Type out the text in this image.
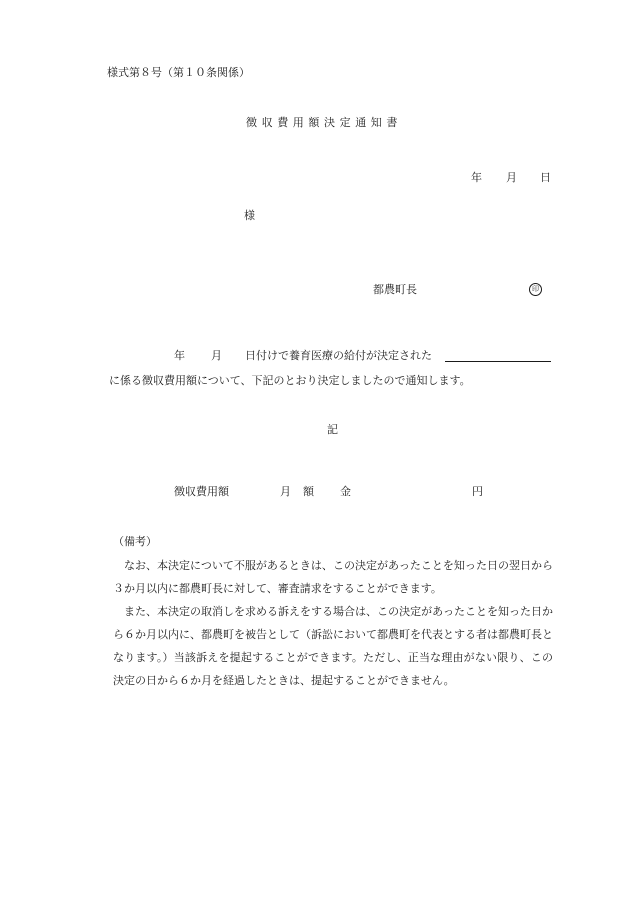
様式第８号（第１０条関係）
徴収費用額決定通知書
年 月 日
様
都農町長	印
年 月 日付けで養育医療の給付が決定された
に係る徴収費用額について、下記のとおり決定しましたので通知します。
記
徴収費用額	月 額 金	円
（備考）

なお、本決定について不服があるときは、この決定があったことを知った日の翌日から３か月以内に都農町長に対して、審査請求をすることができます。

また、本決定の取消しを求める訴えをする場合は、この決定があったことを知った日から６か月以内に、都農町を被告として（訴訟において都農町を代表とする者は都農町長となります。）当該訴えを提起することができます。ただし、正当な理由がない限り、この決定の日から６か月を経過したときは、提起することができません。
